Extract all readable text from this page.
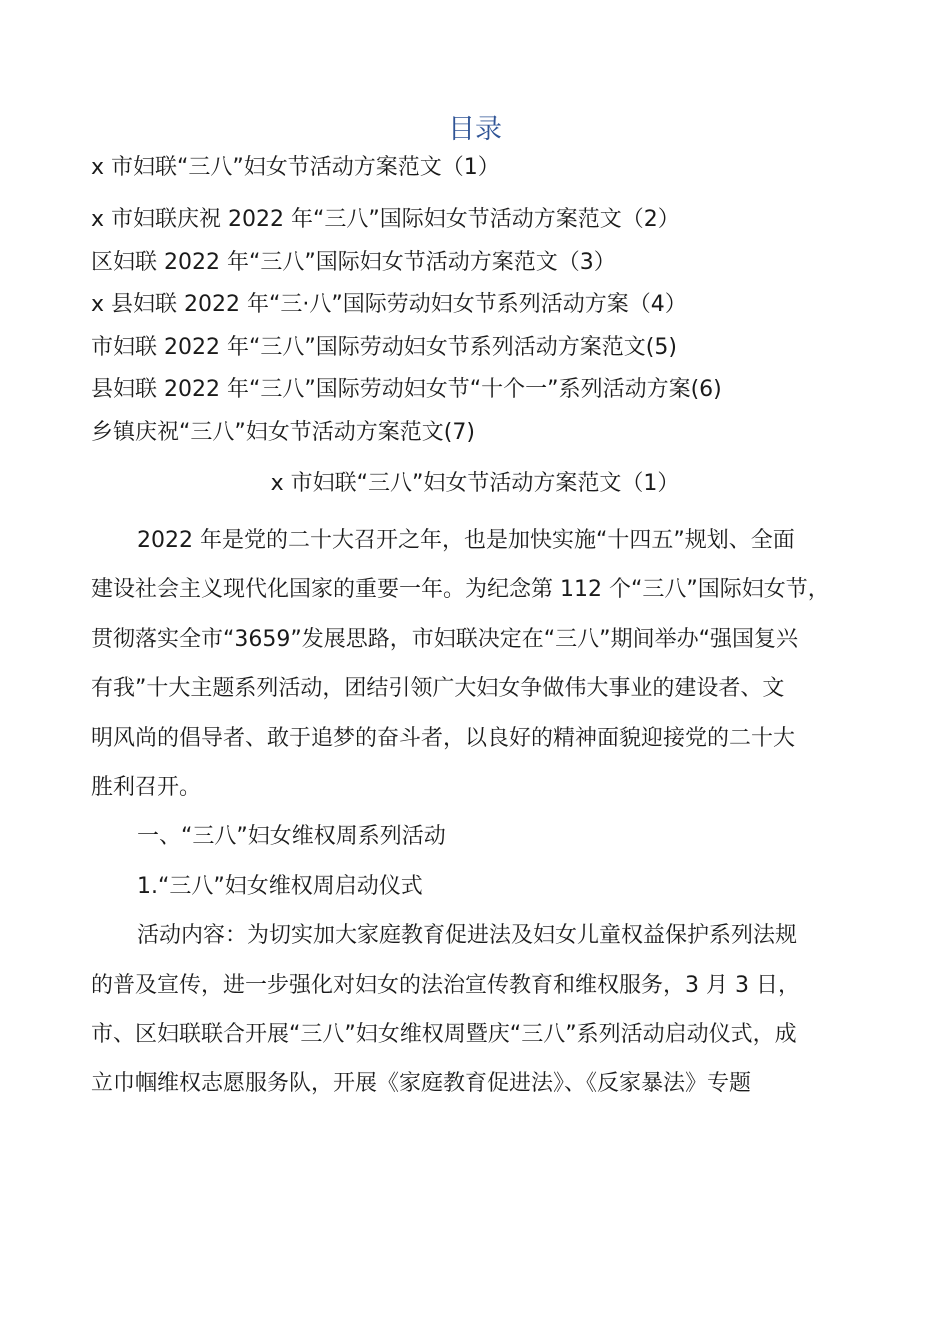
目录
x 市妇联“三八”妇女节活动方案范文（1）
x 市妇联庆祝 2022 年“三八”国际妇女节活动方案范文（2）
区妇联 2022 年“三八”国际妇女节活动方案范文（3）
x 县妇联 2022 年“三·八”国际劳动妇女节系列活动方案（4）
市妇联 2022 年“三八”国际劳动妇女节系列活动方案范文(5)
县妇联 2022 年“三八”国际劳动妇女节“十个一”系列活动方案(6)
乡镇庆祝“三八”妇女节活动方案范文(7)
x 市妇联“三八”妇女节活动方案范文（1）
2022 年是党的二十大召开之年，也是加快实施“十四五”规划、全面
建设社会主义现代化国家的重要一年。为纪念第 112 个“三八”国际妇女节，
贯彻落实全市“3659”发展思路，市妇联决定在“三八”期间举办“强国复兴
有我”十大主题系列活动，团结引领广大妇女争做伟大事业的建设者、文
明风尚的倡导者、敢于追梦的奋斗者，以良好的精神面貌迎接党的二十大
胜利召开。
一、“三八”妇女维权周系列活动
1.“三八”妇女维权周启动仪式
活动内容：为切实加大家庭教育促进法及妇女儿童权益保护系列法规
的普及宣传，进一步强化对妇女的法治宣传教育和维权服务，3 月 3 日，
市、区妇联联合开展“三八”妇女维权周暨庆“三八”系列活动启动仪式，成
立巾帼维权志愿服务队，开展《家庭教育促进法》、《反家暴法》专题
